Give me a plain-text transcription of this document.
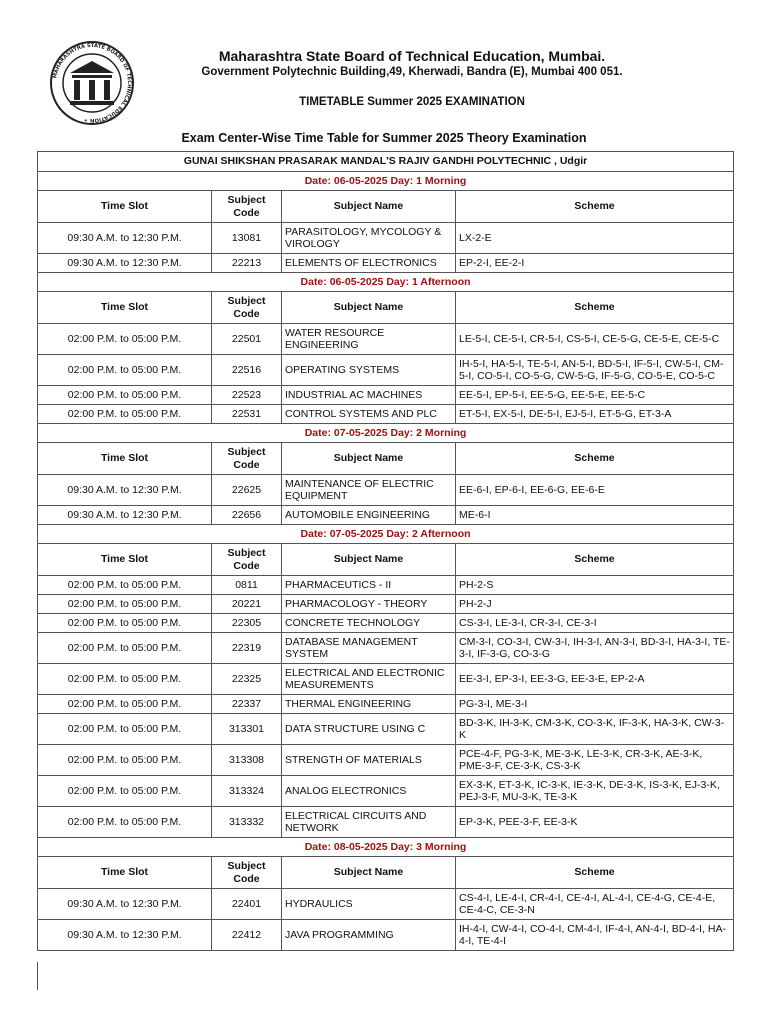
MAHARASHTRA STATE BOARD OF TECHNICAL EDUCATION ✶
Maharashtra State Board of Technical Education, Mumbai.
Government Polytechnic Building,49, Kherwadi, Bandra (E), Mumbai 400 051.
TIMETABLE Summer 2025 EXAMINATION
Exam Center-Wise Time Table for Summer 2025 Theory Examination
GUNAI SHIKSHAN PRASARAK MANDAL'S RAJIV GANDHI POLYTECHNIC , Udgir			
Date: 06-05-2025 Day: 1 Morning			
Time Slot	Subject Code	Subject Name	Scheme
09:30 A.M. to 12:30 P.M.	13081	PARASITOLOGY, MYCOLOGY & VIROLOGY	LX-2-E
09:30 A.M. to 12:30 P.M.	22213	ELEMENTS OF ELECTRONICS	EP-2-I, EE-2-I
Date: 06-05-2025 Day: 1 Afternoon			
Time Slot	Subject Code	Subject Name	Scheme
02:00 P.M. to 05:00 P.M.	22501	WATER RESOURCE ENGINEERING	LE-5-I, CE-5-I, CR-5-I, CS-5-I, CE-5-G, CE-5-E, CE-5-C
02:00 P.M. to 05:00 P.M.	22516	OPERATING SYSTEMS	IH-5-I, HA-5-I, TE-5-I, AN-5-I, BD-5-I, IF-5-I, CW-5-I, CM-5-I, CO-5-I, CO-5-G, CW-5-G, IF-5-G, CO-5-E, CO-5-C
02:00 P.M. to 05:00 P.M.	22523	INDUSTRIAL AC MACHINES	EE-5-I, EP-5-I, EE-5-G, EE-5-E, EE-5-C
02:00 P.M. to 05:00 P.M.	22531	CONTROL SYSTEMS AND PLC	ET-5-I, EX-5-I, DE-5-I, EJ-5-I, ET-5-G, ET-3-A
Date: 07-05-2025 Day: 2 Morning			
Time Slot	Subject Code	Subject Name	Scheme
09:30 A.M. to 12:30 P.M.	22625	MAINTENANCE OF ELECTRIC EQUIPMENT	EE-6-I, EP-6-I, EE-6-G, EE-6-E
09:30 A.M. to 12:30 P.M.	22656	AUTOMOBILE ENGINEERING	ME-6-I
Date: 07-05-2025 Day: 2 Afternoon			
Time Slot	Subject Code	Subject Name	Scheme
02:00 P.M. to 05:00 P.M.	0811	PHARMACEUTICS - II	PH-2-S
02:00 P.M. to 05:00 P.M.	20221	PHARMACOLOGY - THEORY	PH-2-J
02:00 P.M. to 05:00 P.M.	22305	CONCRETE TECHNOLOGY	CS-3-I, LE-3-I, CR-3-I, CE-3-I
02:00 P.M. to 05:00 P.M.	22319	DATABASE MANAGEMENT SYSTEM	CM-3-I, CO-3-I, CW-3-I, IH-3-I, AN-3-I, BD-3-I, HA-3-I, TE-3-I, IF-3-G, CO-3-G
02:00 P.M. to 05:00 P.M.	22325	ELECTRICAL AND ELECTRONIC MEASUREMENTS	EE-3-I, EP-3-I, EE-3-G, EE-3-E, EP-2-A
02:00 P.M. to 05:00 P.M.	22337	THERMAL ENGINEERING	PG-3-I, ME-3-I
02:00 P.M. to 05:00 P.M.	313301	DATA STRUCTURE USING C	BD-3-K, IH-3-K, CM-3-K, CO-3-K, IF-3-K, HA-3-K, CW-3-K
02:00 P.M. to 05:00 P.M.	313308	STRENGTH OF MATERIALS	PCE-4-F, PG-3-K, ME-3-K, LE-3-K, CR-3-K, AE-3-K, PME-3-F, CE-3-K, CS-3-K
02:00 P.M. to 05:00 P.M.	313324	ANALOG ELECTRONICS	EX-3-K, ET-3-K, IC-3-K, IE-3-K, DE-3-K, IS-3-K, EJ-3-K, PEJ-3-F, MU-3-K, TE-3-K
02:00 P.M. to 05:00 P.M.	313332	ELECTRICAL CIRCUITS AND NETWORK	EP-3-K, PEE-3-F, EE-3-K
Date: 08-05-2025 Day: 3 Morning			
Time Slot	Subject Code	Subject Name	Scheme
09:30 A.M. to 12:30 P.M.	22401	HYDRAULICS	CS-4-I, LE-4-I, CR-4-I, CE-4-I, AL-4-I, CE-4-G, CE-4-E, CE-4-C, CE-3-N
09:30 A.M. to 12:30 P.M.	22412	JAVA PROGRAMMING	IH-4-I, CW-4-I, CO-4-I, CM-4-I, IF-4-I, AN-4-I, BD-4-I, HA-4-I, TE-4-I
